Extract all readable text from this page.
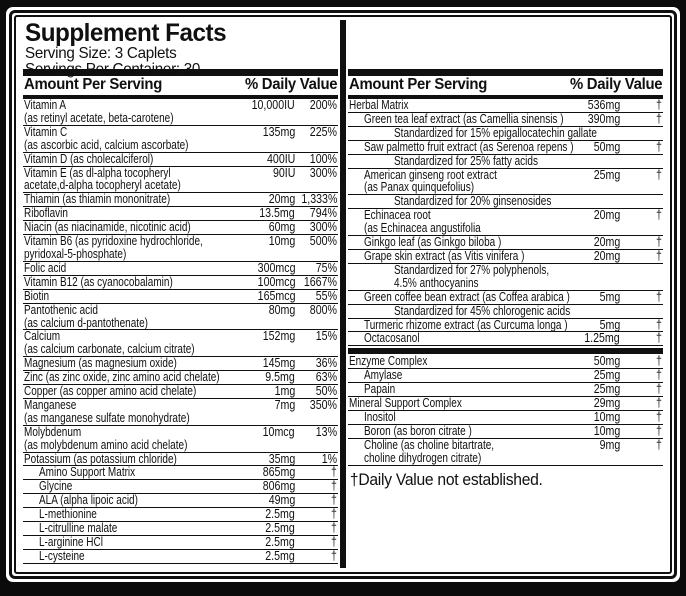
Supplement Facts
Serving Size: 3 Caplets
Servings Per Container: 30
Amount Per Serving	% Daily Value
Vitamin A
(as retinyl acetate, beta-carotene)
10,000IU	200%
Vitamin C
(as ascorbic acid, calcium ascorbate)
135mg	225%
Vitamin D (as cholecalciferol)	400IU	100%
Vitamin E (as dl-alpha tocopheryl
acetate,d-alpha tocopheryl acetate)
90IU	300%
Thiamin (as thiamin mononitrate)	20mg 1,333%
Riboflavin	13.5mg	794%
Niacin (as niacinamide, nicotinic acid)	60mg	300%
Vitamin B6 (as pyridoxine hydrochloride,
pyridoxal-5-phosphate)
10mg	500%
Folic acid	300mcg	75%
Vitamin B12 (as cyanocobalamin)	100mcg 1667%
Biotin	165mcg	55%
Pantothenic acid
(as calcium d-pantothenate)
80mg	800%
Calcium
(as calcium carbonate, calcium citrate)
152mg	15%
Magnesium (as magnesium oxide)	145mg	36%
Zinc (as zinc oxide, zinc amino acid chelate)	9.5mg	63%
Copper (as copper amino acid chelate)	1mg	50%
Manganese
(as manganese sulfate monohydrate)
7mg	350%
Molybdenum
(as molybdenum amino acid chelate)
10mcg	13%
Potassium (as potassium chloride)	35mg	1%
Amino Support Matrix	865mg	†
Glycine	806mg	†
ALA (alpha lipoic acid)	49mg	†
L-methionine	2.5mg	†
L-citrulline malate	2.5mg	†
L-arginine HCl	2.5mg	†
L-cysteine	2.5mg	†
Amount Per Serving	% Daily Value
Herbal Matrix	536mg	†
Green tea leaf extract (as Camellia sinensis )	390mg	†
Standardized for 15% epigallocatechin gallate
Saw palmetto fruit extract (as Serenoa repens )	50mg	†
Standardized for 25% fatty acids
American ginseng root extract
(as Panax quinquefolius)
25mg	†
Standardized for 20% ginsenosides
Echinacea root
(as Echinacea angustifolia
20mg	†
Ginkgo leaf (as Ginkgo biloba )	20mg	†
Grape skin extract (as Vitis vinifera )	20mg	†
Standardized for 27% polyphenols,
4.5% anthocyanins
Green coffee bean extract (as Coffea arabica )	5mg	†
Standardized for 45% chlorogenic acids
Turmeric rhizome extract (as Curcuma longa )	5mg	†
Octacosanol	1.25mg	†
Enzyme Complex	50mg	†
Amylase	25mg	†
Papain	25mg	†
Mineral Support Complex	29mg	†
Inositol	10mg	†
Boron (as boron citrate )	10mg	†
Choline (as choline bitartrate,
choline dihydrogen citrate)
9mg	†
†Daily Value not established.
